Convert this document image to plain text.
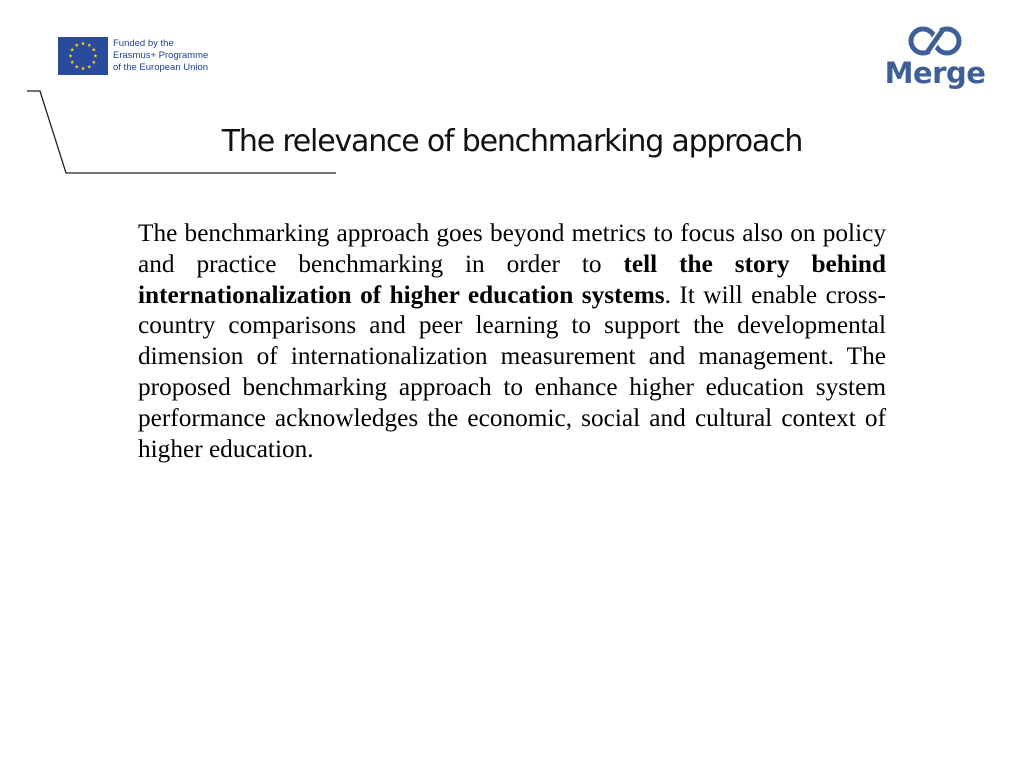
Funded by the
Erasmus+ Programme
of the European Union	Merge
The relevance of benchmarking approach

The benchmarking approach goes beyond metrics to focus also on policy and practice benchmarking in order to tell the story behind internationalization of higher education systems. It will enable cross-country comparisons and peer learning to support the developmental dimension of internationalization measurement and management. The proposed benchmarking approach to enhance higher education system performance acknowledges the economic, social and cultural context of higher education.
